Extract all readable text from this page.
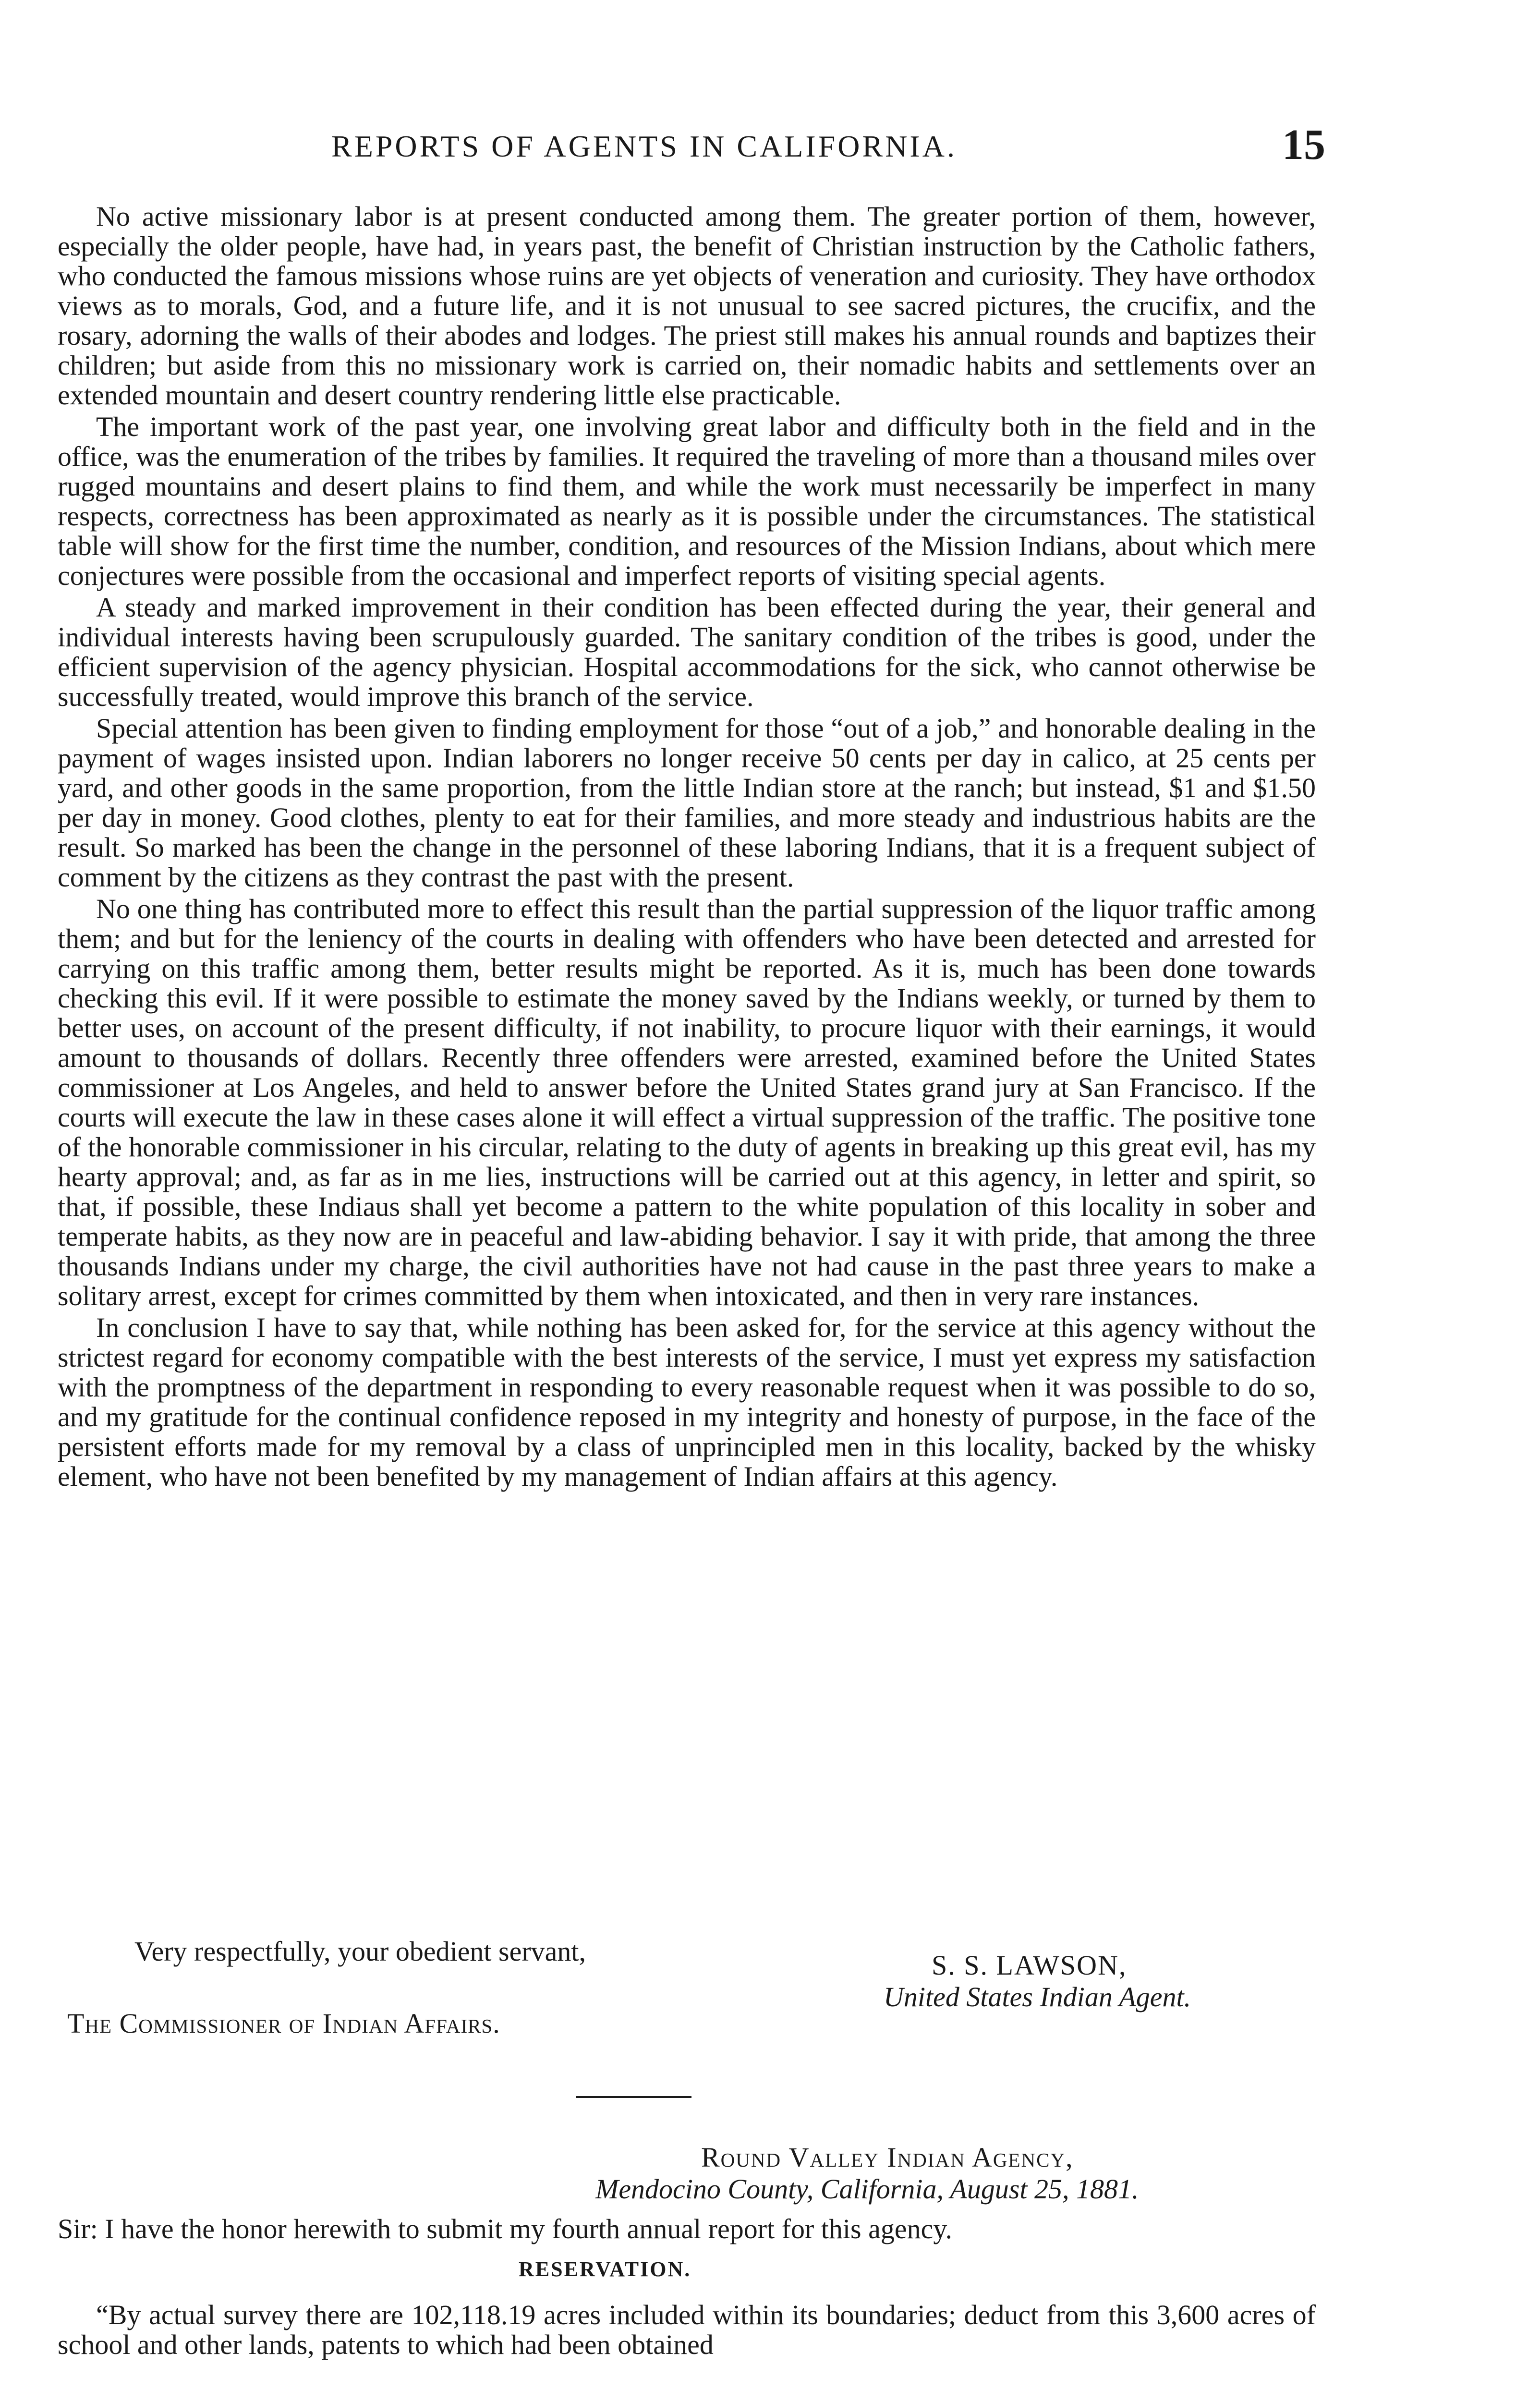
REPORTS OF AGENTS IN CALIFORNIA.	15

No active missionary labor is at present conducted among them. The greater portion of them, however, especially the older people, have had, in years past, the benefit of Christian instruction by the Catholic fathers, who conducted the famous missions whose ruins are yet objects of veneration and curiosity. They have orthodox views as to morals, God, and a future life, and it is not unusual to see sacred pictures, the crucifix, and the rosary, adorning the walls of their abodes and lodges. The priest still makes his annual rounds and baptizes their children; but aside from this no missionary work is carried on, their nomadic habits and settlements over an extended mountain and desert country rendering little else practicable.

The important work of the past year, one involving great labor and difficulty both in the field and in the office, was the enumeration of the tribes by families. It required the traveling of more than a thousand miles over rugged mountains and desert plains to find them, and while the work must necessarily be imperfect in many respects, correctness has been approximated as nearly as it is possible under the circumstances. The statistical table will show for the first time the number, condition, and resources of the Mission Indians, about which mere conjectures were possible from the occasional and imperfect reports of visiting special agents.

A steady and marked improvement in their condition has been effected during the year, their general and individual interests having been scrupulously guarded. The sanitary condition of the tribes is good, under the efficient supervision of the agency physician. Hospital accommodations for the sick, who cannot otherwise be successfully treated, would improve this branch of the service.

Special attention has been given to finding employment for those “out of a job,” and honorable dealing in the payment of wages insisted upon. Indian laborers no longer receive 50 cents per day in calico, at 25 cents per yard, and other goods in the same proportion, from the little Indian store at the ranch; but instead, $1 and $1.50 per day in money. Good clothes, plenty to eat for their families, and more steady and industrious habits are the result. So marked has been the change in the personnel of these laboring Indians, that it is a frequent subject of comment by the citizens as they contrast the past with the present.

No one thing has contributed more to effect this result than the partial suppression of the liquor traffic among them; and but for the leniency of the courts in dealing with offenders who have been detected and arrested for carrying on this traffic among them, better results might be reported. As it is, much has been done towards checking this evil. If it were possible to estimate the money saved by the Indians weekly, or turned by them to better uses, on account of the present difficulty, if not inability, to procure liquor with their earnings, it would amount to thousands of dollars. Recently three offenders were arrested, examined before the United States commissioner at Los Angeles, and held to answer before the United States grand jury at San Francisco. If the courts will execute the law in these cases alone it will effect a virtual suppression of the traffic. The positive tone of the honorable commissioner in his circular, relating to the duty of agents in breaking up this great evil, has my hearty approval; and, as far as in me lies, instructions will be carried out at this agency, in letter and spirit, so that, if possible, these Indiaus shall yet become a pattern to the white population of this locality in sober and temperate habits, as they now are in peaceful and law-abiding behavior. I say it with pride, that among the three thousands Indians under my charge, the civil authorities have not had cause in the past three years to make a solitary arrest, except for crimes committed by them when intoxicated, and then in very rare instances.

In conclusion I have to say that, while nothing has been asked for, for the service at this agency without the strictest regard for economy compatible with the best interests of the service, I must yet express my satisfaction with the promptness of the department in responding to every reasonable request when it was possible to do so, and my gratitude for the continual confidence reposed in my integrity and honesty of purpose, in the face of the persistent efforts made for my removal by a class of unprincipled men in this locality, backed by the whisky element, who have not been benefited by my management of Indian affairs at this agency.

Very respectfully, your obedient servant,	S. S. LAWSON,
United States Indian Agent.
The Commissioner of Indian Affairs.
Round Valley Indian Agency,
Mendocino County, California, August 25, 1881.
Sir: I have the honor herewith to submit my fourth annual report for this agency.
RESERVATION.

“By actual survey there are 102,118.19 acres included within its boundaries; deduct from this 3,600 acres of school and other lands, patents to which had been obtained
